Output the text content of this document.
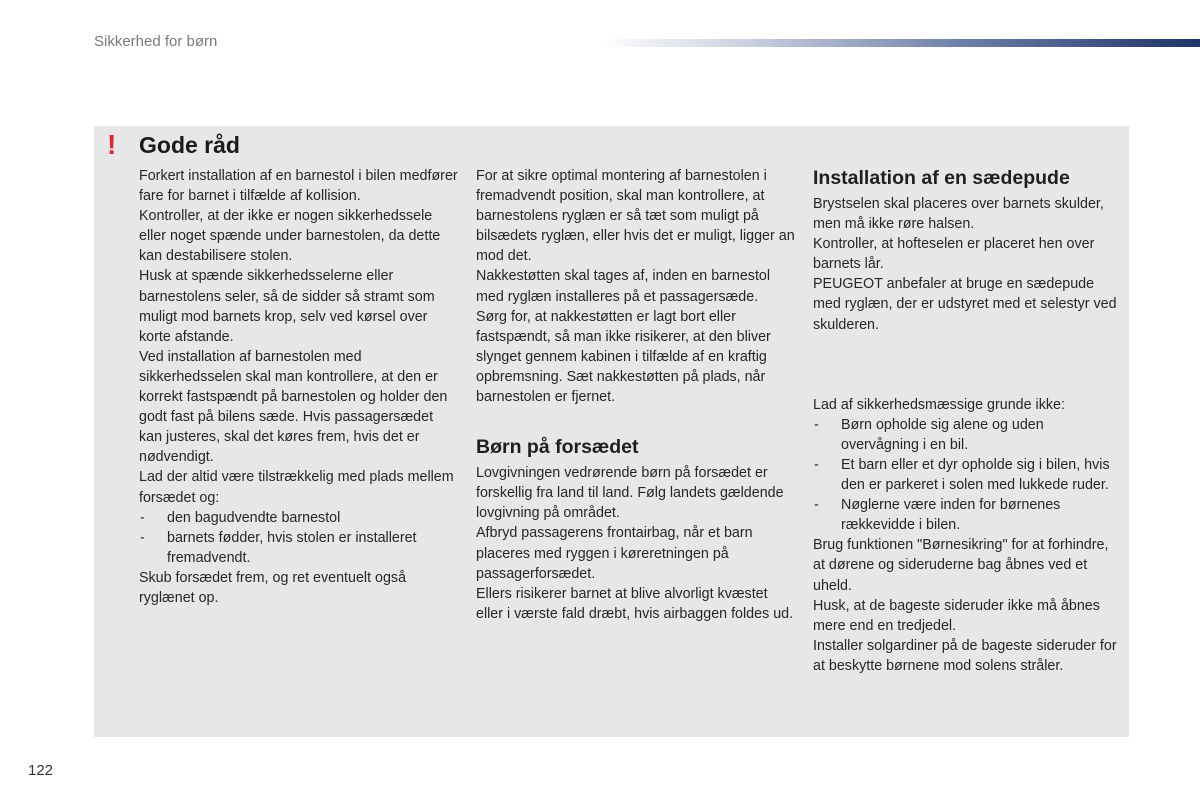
Sikkerhed for børn
! Gode råd

Forkert installation af en barnestol i bilen medfører fare for barnet i tilfælde af kollision.

Kontroller, at der ikke er nogen sikkerhedssele eller noget spænde under barnestolen, da dette kan destabilisere stolen.

Husk at spænde sikkerhedsselerne eller barnestolens seler, så de sidder så stramt som muligt mod barnets krop, selv ved kørsel over korte afstande.

Ved installation af barnestolen med sikkerhedsselen skal man kontrollere, at den er korrekt fastspændt på barnestolen og holder den godt fast på bilens sæde. Hvis passagersædet kan justeres, skal det køres frem, hvis det er nødvendigt.

Lad der altid være tilstrækkelig med plads mellem forsædet og:

- den bagudvendte barnestol
- barnets fødder, hvis stolen er installeret fremadvendt.

Skub forsædet frem, og ret eventuelt også ryglænet op.

For at sikre optimal montering af barnestolen i fremadvendt position, skal man kontrollere, at barnestolens ryglæn er så tæt som muligt på bilsædets ryglæn, eller hvis det er muligt, ligger an mod det.

Nakkestøtten skal tages af, inden en barnestol med ryglæn installeres på et passagersæde.

Sørg for, at nakkestøtten er lagt bort eller fastspændt, så man ikke risikerer, at den bliver slynget gennem kabinen i tilfælde af en kraftig opbremsning. Sæt nakkestøtten på plads, når barnestolen er fjernet.

Børn på forsædet

Lovgivningen vedrørende børn på forsædet er forskellig fra land til land. Følg landets gældende lovgivning på området.

Afbryd passagerens frontairbag, når et barn placeres med ryggen i køreretningen på passagerforsædet.

Ellers risikerer barnet at blive alvorligt kvæstet eller i værste fald dræbt, hvis airbaggen foldes ud.

Installation af en sædepude

Brystselen skal placeres over barnets skulder, men må ikke røre halsen.

Kontroller, at hofteselen er placeret hen over barnets lår.

PEUGEOT anbefaler at bruge en sædepude med ryglæn, der er udstyret med et selestyr ved skulderen.

Lad af sikkerhedsmæssige grunde ikke:

- Børn opholde sig alene og uden overvågning i en bil.
- Et barn eller et dyr opholde sig i bilen, hvis den er parkeret i solen med lukkede ruder.
- Nøglerne være inden for børnenes rækkevidde i bilen.

Brug funktionen "Børnesikring" for at forhindre, at dørene og sideruderne bag åbnes ved et uheld.

Husk, at de bageste sideruder ikke må åbnes mere end en tredjedel.

Installer solgardiner på de bageste sideruder for at beskytte børnene mod solens stråler.

122
